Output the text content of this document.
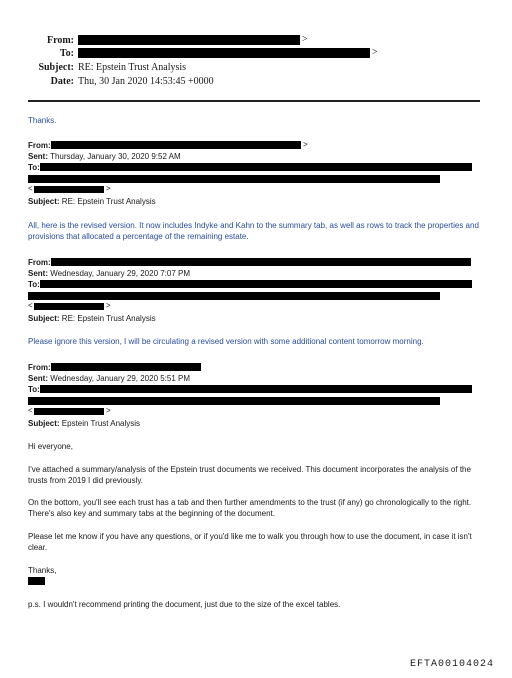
From:	>
To:	>
Subject: RE: Epstein Trust Analysis
Date: Thu, 30 Jan 2020 14:53:45 +0000
Thanks.
From:	>
Sent: Thursday, January 30, 2020 9:52 AM
To:
<	>
Subject: RE: Epstein Trust Analysis
All, here is the revised version. It now includes Indyke and Kahn to the summary tab, as well as rows to track the properties and provisions that allocated a percentage of the remaining estate.
From:
Sent: Wednesday, January 29, 2020 7:07 PM
To:
<	>
Subject: RE: Epstein Trust Analysis
Please ignore this version, I will be circulating a revised version with some additional content tomorrow morning.
From:
Sent: Wednesday, January 29, 2020 5:51 PM
To:
<	>
Subject: Epstein Trust Analysis
Hi everyone,
I've attached a summary/analysis of the Epstein trust documents we received. This document incorporates the analysis of the trusts from 2019 I did previously.
On the bottom, you'll see each trust has a tab and then further amendments to the trust (if any) go chronologically to the right. There's also key and summary tabs at the beginning of the document.
Please let me know if you have any questions, or if you'd like me to walk you through how to use the document, in case it isn't clear.
Thanks,
p.s. I wouldn't recommend printing the document, just due to the size of the excel tables.
EFTA00104024
